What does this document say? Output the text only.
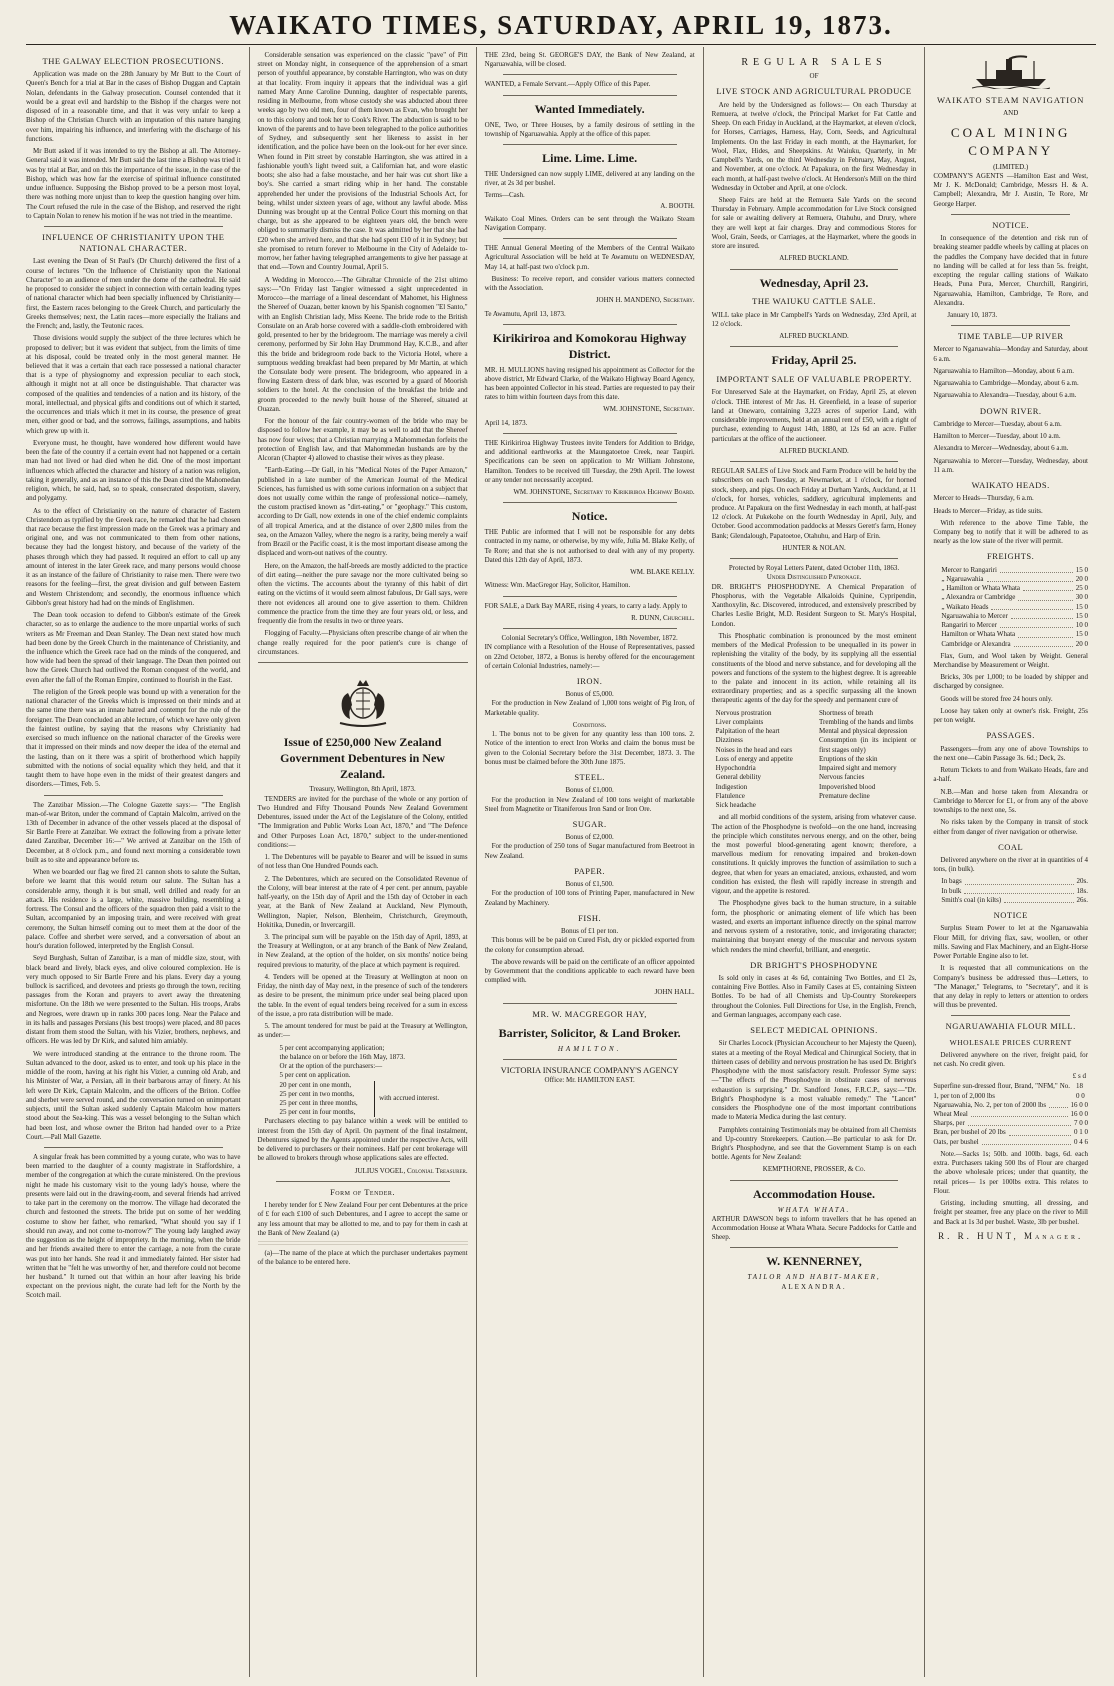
WAIKATO TIMES, SATURDAY, APRIL 19, 1873.
THE GALWAY ELECTION PROSECUTIONS.

Application was made on the 28th January by Mr Butt to the Court of Queen's Bench for a trial at Bar in the cases of Bishop Duggan and Captain Nolan, defendants in the Galway prosecution. Counsel contended that it would be a great evil and hardship to the Bishop if the charges were not disposed of in a reasonable time, and that it was very unfair to keep a Bishop of the Christian Church with an imputation of this nature hanging over him, impairing his influence, and interfering with the discharge of his functions.

Mr Butt asked if it was intended to try the Bishop at all. The Attorney-General said it was intended. Mr Butt said the last time a Bishop was tried it was by trial at Bar, and on this the importance of the issue, in the case of the Bishop, which was how far the exercise of spiritual influence constituted undue influence. Supposing the Bishop proved to be a person most loyal, there was nothing more unjust than to keep the question hanging over him. The Court refused the rule in the case of the Bishop, and reserved the right to Captain Nolan to renew his motion if he was not tried in the meantime.

INFLUENCE OF CHRISTIANITY UPON THE NATIONAL CHARACTER.

Last evening the Dean of St Paul's (Dr Church) delivered the first of a course of lectures "On the Influence of Christianity upon the National Character" to an audience of men under the dome of the cathedral. He said he proposed to consider the subject in connection with certain leading types of national character which had been specially influenced by Christianity—first, the Eastern races belonging to the Greek Church, and particularly the Greeks themselves; next, the Latin races—more especially the Italians and the French; and, lastly, the Teutonic races.

Those divisions would supply the subject of the three lectures which he proposed to deliver; but it was evident that subject, from the limits of time at his disposal, could be treated only in the most general manner. He believed that it was a certain that each race possessed a national character that is a type of physiognomy and expression peculiar to each stock, although it might not at all once be distinguishable. That character was composed of the qualities and tendencies of a nation and its history, of the moral, intellectual, and physical gifts and conditions out of which it started, the occurrences and trials which it met in its course, the presence of great men, either good or bad, and the sorrows, failings, assumptions, and habits which grew up with it.

Everyone must, he thought, have wondered how different would have been the fate of the country if a certain event had not happened or a certain man had not lived or had died when he did. One of the most important influences which affected the character and history of a nation was religion, taking it generally, and as an instance of this the Dean cited the Mahomedan religion, which, he said, had, so to speak, consecrated despotism, slavery, and polygamy.

As to the effect of Christianity on the nature of character of Eastern Christendom as typified by the Greek race, he remarked that he had chosen that race because the first impression made on the Greek was a primary and original one, and was not communicated to them from other nations, because they had the longest history, and because of the variety of the phases through which they had passed. It required an effort to call up any amount of interest in the later Greek race, and many persons would choose it as an instance of the failure of Christianity to raise men. There were two reasons for the feeling—first, the great division and gulf between Eastern and Western Christendom; and secondly, the enormous influence which Gibbon's great history had had on the minds of Englishmen.

The Dean took occasion to defend to Gibbon's estimate of the Greek character, so as to enlarge the audience to the more unpartial works of such writers as Mr Freeman and Dean Stanley. The Dean next stated how much had been done by the Greek Church in the maintenance of Christianity, and the influence which the Greek race had on the minds of the conquered, and how wide had been the spread of their language. The Dean then pointed out how the Greek Church had outlived the Roman conquest of the world, and even after the fall of the Roman Empire, continued to flourish in the East.

The religion of the Greek people was bound up with a veneration for the national character of the Greeks which is impressed on their minds and at the same time there was an innate hatred and contempt for the rule of the foreigner. The Dean concluded an able lecture, of which we have only given the faintest outline, by saying that the reasons why Christianity had exercised so much influence on the national character of the Greeks were that it impressed on their minds and now deeper the idea of the eternal and the lasting, than on it there was a spirit of brotherhood which happily submitted with the notions of social equality which they held, and that it taught them to have hope even in the midst of their greatest dangers and disorders.—Times, Feb. 5.

The Zanzibar Mission.—The Cologne Gazette says:— "The English man-of-war Briton, under the command of Captain Malcolm, arrived on the 13th of December in advance of the other vessels placed at the disposal of Sir Bartle Frere at Zanzibar. We extract the following from a private letter dated Zanzibar, December 16:—" We arrived at Zanzibar on the 15th of December, at 8 o'clock p.m., and found next morning a considerable town built as to site and appearance before us.

When we boarded our flag we fired 21 cannon shots to salute the Sultan, before we learnt that this would return our salute. The Sultan has a considerable army, though it is but small, well drilled and ready for an attack. His residence is a large, white, massive building, resembling a fortress. The Consul and the officers of the squadron then paid a visit to the Sultan, accompanied by an imposing train, and were received with great ceremony, the Sultan himself coming out to meet them at the door of the palace. Coffee and sherbet were served, and a conversation of about an hour's duration followed, interpreted by the English Consul.

Seyd Burghash, Sultan of Zanzibar, is a man of middle size, stout, with black beard and lively, black eyes, and olive coloured complexion. He is very much opposed to Sir Bartle Frere and his plans. Every day a young bullock is sacrificed, and devotees and priests go through the town, reciting passages from the Koran and prayers to avert away the threatening misfortune. On the 18th we were presented to the Sultan. His troops, Arabs and Negroes, were drawn up in ranks 300 paces long. Near the Palace and in its halls and passages Persians (his best troops) were placed, and 80 paces distant from them stood the Sultan, with his Vizier, brothers, nephews, and officers. He was led by Dr Kirk, and saluted him amiably.

We were introduced standing at the entrance to the throne room. The Sultan advanced to the door, asked us to enter, and took up his place in the middle of the room, having at his right his Vizier, a cunning old Arab, and his Minister of War, a Persian, all in their barbarous array of finery. At his left were Dr Kirk, Captain Malcolm, and the officers of the Briton. Coffee and sherbet were served round, and the conversation turned on unimportant subjects, until the Sultan asked suddenly Captain Malcolm how matters stood about the Sea-king. This was a vessel belonging to the Sultan which had been lost, and whose owner the Briton had handed over to a Prize Court.—Pall Mall Gazette.

A singular freak has been committed by a young curate, who was to have been married to the daughter of a county magistrate in Staffordshire, a member of the congregation at which the curate ministered. On the previous night he made his customary visit to the young lady's house, where the presents were laid out in the drawing-room, and several friends had arrived to take part in the ceremony on the morrow. The village had decorated the church and festooned the streets. The bride put on some of her wedding costume to show her father, who remarked, "What should you say if I should run away, and not come to-morrow?" The young lady laughed away the suggestion as the height of impropriety. In the morning, when the bride and her friends awaited there to enter the carriage, a note from the curate was put into her hands. She read it and immediately fainted. Her sister had written that he "felt he was unworthy of her, and therefore could not become her husband." It turned out that within an hour after leaving his bride expectant on the previous night, the curate had left for the North by the Scotch mail.

Considerable sensation was experienced on the classic "pave" of Pitt street on Monday night, in consequence of the apprehension of a smart person of youthful appearance, by constable Harrington, who was on duty at that locality. From inquiry it appears that the individual was a girl named Mary Anne Caroline Dunning, daughter of respectable parents, residing in Melbourne, from whose custody she was abducted about three weeks ago by two old men, four of them known as Evan, who brought her on to this colony and took her to Cook's River. The abduction is said to be known of the parents and to have been telegraphed to the police authorities of Sydney, and subsequently sent her likeness to assist in her identification, and the police have been on the look-out for her ever since. When found in Pitt street by constable Harrington, she was attired in a fashionable youth's light tweed suit, a Californian hat, and wore elastic boots; she also had a false moustache, and her hair was cut short like a boy's. She carried a smart riding whip in her hand. The constable apprehended her under the provisions of the Industrial Schools Act, for being, whilst under sixteen years of age, without any lawful abode. Miss Dunning was brought up at the Central Police Court this morning on that charge, but as she appeared to be eighteen years old, the bench were obliged to summarily dismiss the case. It was admitted by her that she had £20 when she arrived here, and that she had spent £10 of it in Sydney; but she promised to return forever to Melbourne in the City of Adelaide to-morrow, her father having telegraphed arrangements to give her passage at that end.—Town and Country Journal, April 5.

A Wedding in Morocco.—The Gibraltar Chronicle of the 21st ultimo says:—"On Friday last Tangier witnessed a sight unprecedented in Morocco—the marriage of a lineal descendant of Mahomet, his Highness the Shereef of Ouazan, better known by his Spanish cognomen "El Santo," with an English Christian lady, Miss Keene. The bride rode to the British Consulate on an Arab horse covered with a saddle-cloth embroidered with gold, presented to her by the bridegroom. The marriage was merely a civil ceremony, performed by Sir John Hay Drummond Hay, K.C.B., and after this the bride and bridegroom rode back to the Victoria Hotel, where a sumptuous wedding breakfast had been prepared by Mr Martin, at which the Consulate body were present. The bridegroom, who appeared in a flowing Eastern dress of dark blue, was escorted by a guard of Moorish soldiers to the hotel. At the conclusion of the breakfast the bride and groom proceeded to the newly built house of the Shereef, situated at Ouazan.

For the honour of the fair country-women of the bride who may be disposed to follow her example, it may be as well to add that the Shereef has now four wives; that a Christian marrying a Mahommedan forfeits the protection of English law, and that Mahommedan husbands are by the Alcoran (Chapter 4) allowed to chastise their wives as they please.

"Earth-Eating.—Dr Gall, in his "Medical Notes of the Paper Amazon," published in a late number of the American Journal of the Medical Sciences, has furnished us with some curious information on a subject that does not usually come within the range of professional notice—namely, the custom practised known as "dirt-eating," or "geophagy." This custom, according to Dr Gall, now extends in one of the chief endemic complaints of all tropical America, and at the distance of over 2,800 miles from the sea, on the Amazon Valley, where the negro is a rarity, being merely a waif from Brazil or the Pacific coast, it is the most important disease among the displaced and worn-out natives of the country.

Here, on the Amazon, the half-breeds are mostly addicted to the practice of dirt eating—neither the pure savage nor the more cultivated being so often the victims. The accounts about the tyranny of this habit of dirt eating on the victims of it would seem almost fabulous, Dr Gall says, were there not evidences all around one to give assertion to them. Children commence the practice from the time they are four years old, or less, and frequently die from the results in two or three years.

Flogging of Faculty.—Physicians often prescribe change of air when the change really required for the poor patient's cure is change of circumstances.

Issue of £250,000 New Zealand Government Debentures in New Zealand.
Treasury, Wellington, 8th April, 1873.

TENDERS are invited for the purchase of the whole or any portion of Two Hundred and Fifty Thousand Pounds New Zealand Government Debentures, issued under the Act of the Legislature of the Colony, entitled "The Immigration and Public Works Loan Act, 1870," and "The Defence and Other Purposes Loan Act, 1870," subject to the under-mentioned conditions:—

1. The Debentures will be payable to Bearer and will be issued in sums of not less than One Hundred Pounds each.

2. The Debentures, which are secured on the Consolidated Revenue of the Colony, will bear interest at the rate of 4 per cent. per annum, payable half-yearly, on the 15th day of April and the 15th day of October in each year, at the Bank of New Zealand at Auckland, New Plymouth, Wellington, Napier, Nelson, Blenheim, Christchurch, Greymouth, Hokitika, Dunedin, or Invercargill.

3. The principal sum will be payable on the 15th day of April, 1893, at the Treasury at Wellington, or at any branch of the Bank of New Zealand, in New Zealand, at the option of the holder, on six months' notice being required previous to maturity, of the place at which payment is required.

4. Tenders will be opened at the Treasury at Wellington at noon on Friday, the ninth day of May next, in the presence of such of the tenderers as desire to be present, the minimum price under seal being placed upon the table. In the event of equal tenders being received for a sum in excess of the issue, a pro rata distribution will be made.

5. The amount tendered for must be paid at the Treasury at Wellington, as under:—

5 per cent accompanying application;
the balance on or before the 16th May, 1873.
Or at the option of the purchasers:—
5 per cent on application.
20 per cent in one month,
25 per cent in two months,
25 per cent in three months,
25 per cent in four months,
with accrued interest.

Purchasers electing to pay balance within a week will be entitled to interest from the 15th day of April. On payment of the final instalment, Debentures signed by the Agents appointed under the respective Acts, will be delivered to purchasers or their nominees. Half per cent brokerage will be allowed to brokers through whose applications sales are effected.

JULIUS VOGEL, Colonial Treasurer.
Form of Tender.

I hereby tender for £ New Zealand Four per cent Debentures at the price of £ for each £100 of such Debentures, and I agree to accept the same or any less amount that may be allotted to me, and to pay for them in cash at the Bank of New Zealand (a)

(a)—The name of the place at which the purchaser undertakes payment of the balance to be entered here.

THE 23rd, being St. GEORGE'S DAY, the Bank of New Zealand, at Ngaruawahia, will be closed.

WANTED, a Female Servant.—Apply Office of this Paper.

Wanted Immediately.

ONE, Two, or Three Houses, by a family desirous of settling in the township of Ngaruawahia. Apply at the office of this paper.

Lime. Lime. Lime.

THE Undersigned can now supply LIME, delivered at any landing on the river, at 2s 3d per bushel.

Terms—Cash.
A. BOOTH.

Waikato Coal Mines. Orders can be sent through the Waikato Steam Navigation Company.

THE Annual General Meeting of the Members of the Central Waikato Agricultural Association will be held at Te Awamutu on WEDNESDAY, May 14, at half-past two o'clock p.m.

Business: To receive report, and consider various matters connected with the Association.

JOHN H. MANDENO, Secretary.
Te Awamutu, April 13, 1873.
Kirikiriroa and Komokorau Highway District.

MR. H. MULLIONS having resigned his appointment as Collector for the above district, Mr Edward Clarke, of the Waikato Highway Board Agency, has been appointed Collector in his stead. Parties are requested to pay their rates to him within fourteen days from this date.

WM. JOHNSTONE, Secretary.
April 14, 1873.

THE Kirikiriroa Highway Trustees invite Tenders for Addition to Bridge, and additional earthworks at the Maungatoetoe Creek, near Taupiri. Specifications can be seen on application to Mr William Johnstone, Hamilton. Tenders to be received till Tuesday, the 29th April. The lowest or any tender not necessarily accepted.

WM. JOHNSTONE, Secretary to Kirikiriroa Highway Board.
Notice.

THE Public are informed that I will not be responsible for any debts contracted in my name, or otherwise, by my wife, Julia M. Blake Kelly, of Te Rore; and that she is not authorised to deal with any of my property. Dated this 12th day of April, 1873.

WM. BLAKE KELLY.
Witness: Wm. MacGregor Hay, Solicitor, Hamilton.

FOR SALE, a Dark Bay MARE, rising 4 years, to carry a lady. Apply to

R. DUNN, Churchill.
Colonial Secretary's Office, Wellington, 18th November, 1872.

IN compliance with a Resolution of the House of Representatives, passed on 22nd October, 1872, a Bonus is hereby offered for the encouragement of certain Colonial Industries, namely:—

IRON.
Bonus of £5,000.

For the production in New Zealand of 1,000 tons weight of Pig Iron, of Marketable quality.

Conditions.

1. The bonus not to be given for any quantity less than 100 tons. 2. Notice of the intention to erect Iron Works and claim the bonus must be given to the Colonial Secretary before the 31st December, 1873. 3. The bonus must be claimed before the 30th June 1875.

STEEL.
Bonus of £1,000.

For the production in New Zealand of 100 tons weight of marketable Steel from Magnetite or Titaniferous Iron Sand or Iron Ore.

SUGAR.
Bonus of £2,000.

For the production of 250 tons of Sugar manufactured from Beetroot in New Zealand.

PAPER.
Bonus of £1,500.

For the production of 100 tons of Printing Paper, manufactured in New Zealand by Machinery.

FISH.
Bonus of £1 per ton.

This bonus will be be paid on Cured Fish, dry or pickled exported from the colony for consumption abroad.

The above rewards will be paid on the certificate of an officer appointed by Government that the conditions applicable to each reward have been complied with.

JOHN HALL.
MR. W. MACGREGOR HAY,
Barrister, Solicitor, & Land Broker.
HAMILTON.
VICTORIA INSURANCE COMPANY'S AGENCY
Office: Mr. HAMILTON EAST.
REGULAR SALES
OF
LIVE STOCK AND AGRICULTURAL PRODUCE

Are held by the Undersigned as follows:— On each Thursday at Remuera, at twelve o'clock, the Principal Market for Fat Cattle and Sheep. On each Friday in Auckland, at the Haymarket, at eleven o'clock, for Horses, Carriages, Harness, Hay, Corn, Seeds, and Agricultural Implements. On the last Friday in each month, at the Haymarket, for Wool, Flax, Hides, and Sheepskins. At Waiuku, Quarterly, in Mr Campbell's Yards, on the third Wednesday in February, May, August, and November, at one o'clock. At Papakura, on the first Wednesday in each month, at half-past twelve o'clock. At Henderson's Mill on the third Wednesday in October and April, at one o'clock.

Sheep Fairs are held at the Remuera Sale Yards on the second Thursday in February. Ample accommodation for Live Stock consigned for sale or awaiting delivery at Remuera, Otahuhu, and Drury, where they are well kept at fair charges. Dray and commodious Stores for Wool, Grain, Seeds, or Carriages, at the Haymarket, where the goods in store are insured.

ALFRED BUCKLAND.
Wednesday, April 23.
THE WAIUKU CATTLE SALE.

WILL take place in Mr Campbell's Yards on Wednesday, 23rd April, at 12 o'clock.

ALFRED BUCKLAND.
Friday, April 25.
IMPORTANT SALE OF VALUABLE PROPERTY.

For Unreserved Sale at the Haymarket, on Friday, April 25, at eleven o'clock. THE interest of Mr Jas. H. Greenfield, in a lease of superior land at Onewaro, containing 3,223 acres of superior Land, with considerable improvements, held at an annual rent of £50, with a right of purchase, extending to August 14th, 1880, at 12s 6d an acre. Fuller particulars at the office of the auctioneer.

ALFRED BUCKLAND.

REGULAR SALES of Live Stock and Farm Produce will be held by the subscribers on each Tuesday, at Newmarket, at 1 o'clock, for horned stock, sheep, and pigs. On each Friday at Durham Yards, Auckland, at 11 o'clock, for horses, vehicles, saddlery, agricultural implements and produce. At Papakura on the first Wednesday in each month, at half-past 12 o'clock. At Pukekohe on the fourth Wednesday in April, July, and October. Good accommodation paddocks at Messrs Gerett's farm, Honey Bank; Glendalough, Papatoetoe, Otahuhu, and Harp of Erin.

HUNTER & NOLAN.
Protected by Royal Letters Patent, dated October 11th, 1863.
Under Distinguished Patronage.

DR. BRIGHT'S PHOSPHODYNE. A Chemical Preparation of Phosphorus, with the Vegetable Alkaloids Quinine, Cypripendin, Xanthoxylin, &c. Discovered, introduced, and extensively prescribed by Charles Leslie Bright, M.D. Resident Surgeon to St. Mary's Hospital, London.

This Phosphatic combination is pronounced by the most eminent members of the Medical Profession to be unequalled in its power in replenishing the vitality of the body, by its supplying all the essential constituents of the blood and nerve substance, and for developing all the powers and functions of the system to the highest degree. It is agreeable to the palate and innocent in its action, while retaining all its extraordinary properties; and as a specific surpassing all the known therapeutic agents of the day for the speedy and permanent cure of

Nervous prostration
Liver complaints
Palpitation of the heart
Dizziness
Noises in the head and ears
Loss of energy and appetite
Hypochondria
General debility
Indigestion
Flatulence
Sick headache
Shortness of breath
Trembling of the hands and limbs
Mental and physical depression
Consumption (in its incipient or first stages only)
Eruptions of the skin
Impaired sight and memory
Nervous fancies
Impoverished blood
Premature decline

and all morbid conditions of the system, arising from whatever cause. The action of the Phosphodyne is twofold—on the one hand, increasing the principle which constitutes nervous energy, and on the other, being the most powerful blood-generating agent known; therefore, a marvellous medium for renovating impaired and broken-down constitutions. It quickly improves the function of assimilation to such a degree, that when for years an emaciated, anxious, exhausted, and worn condition has existed, the flesh will rapidly increase in strength and vigour, and the appetite is restored.

The Phosphodyne gives back to the human structure, in a suitable form, the phosphoric or animating element of life which has been wasted, and exerts an important influence directly on the spinal marrow and nervous system of a restorative, tonic, and invigorating character; maintaining that buoyant energy of the muscular and nervous system which renders the mind cheerful, brilliant, and energetic.

DR BRIGHT'S PHOSPHODYNE

Is sold only in cases at 4s 6d, containing Two Bottles, and £1 2s, containing Five Bottles. Also in Family Cases at £5, containing Sixteen Bottles. To be had of all Chemists and Up-Country Storekeepers throughout the Colonies. Full Directions for Use, in the English, French, and German languages, accompany each case.

SELECT MEDICAL OPINIONS.

Sir Charles Locock (Physician Accoucheur to her Majesty the Queen), states at a meeting of the Royal Medical and Chirurgical Society, that in thirteen cases of debility and nervous prostration he has used Dr. Bright's Phosphodyne with the most satisfactory result. Professor Syme says:—"The effects of the Phosphodyne in obstinate cases of nervous exhaustion is surprising." Dr. Sandford Jones, F.R.C.P., says:—"Dr. Bright's Phosphodyne is a most valuable remedy." The "Lancet" considers the Phosphodyne one of the most important contributions made to Materia Medica during the last century.

Pamphlets containing Testimonials may be obtained from all Chemists and Up-country Storekeepers. Caution.—Be particular to ask for Dr. Bright's Phosphodyne, and see that the Government Stamp is on each bottle. Agents for New Zealand:

KEMPTHORNE, PROSSER, & Co.
Accommodation House.
WHATA WHATA.

ARTHUR DAWSON begs to inform travellers that he has opened an Accommodation House at Whata Whata. Secure Paddocks for Cattle and Sheep.

W. KENNERNEY,
TAILOR AND HABIT-MAKER,
ALEXANDRA.
WAIKATO STEAM NAVIGATION
AND
COAL MINING COMPANY
(LIMITED.)

COMPANY'S AGENTS —Hamilton East and West, Mr J. K. McDonald; Cambridge, Messrs H. & A. Campbell; Alexandra, Mr J. Austin, Te Rore, Mr George Harper.

NOTICE.

In consequence of the detention and risk run of breaking steamer paddle wheels by calling at places on the paddles the Company have decided that in future no landing will be called at for less than 5s. freight, excepting the regular calling stations of Waikato Heads, Puna Pura, Mercer, Churchill, Rangiriri, Ngaruawahia, Hamilton, Cambridge, Te Rore, and Alexandra.

January 10, 1873.
TIME TABLE—UP RIVER

Mercer to Ngaruawahia—Monday and Saturday, about 6 a.m.

Ngaruawahia to Hamilton—Monday, about 6 a.m.

Ngaruawahia to Cambridge—Monday, about 6 a.m.

Ngaruawahia to Alexandra—Tuesday, about 6 a.m.

DOWN RIVER.

Cambridge to Mercer—Tuesday, about 6 a.m.

Hamilton to Mercer—Tuesday, about 10 a.m.

Alexandra to Mercer—Wednesday, about 6 a.m.

Ngaruawahia to Mercer—Tuesday, Wednesday, about 11 a.m.

WAIKATO HEADS.

Mercer to Heads—Thursday, 6 a.m.

Heads to Mercer—Friday, as tide suits.

With reference to the above Time Table, the Company beg to notify that it will be adhered to as nearly as the low state of the river will permit.

FREIGHTS.
Mercer to Rangariri	15 0
„ Ngaruawahia	20 0
„ Hamilton or Whata Whata	25 0
„ Alexandra or Cambridge	30 0
„ Waikato Heads	15 0
Ngaruawahia to Mercer	15 0
Rangariri to Mercer	10 0
Hamilton or Whata Whata	15 0
Cambridge or Alexandra	20 0

Flax, Gum, and Wool taken by Weight. General Merchandise by Measurement or Weight.

Bricks, 30s per 1,000; to be loaded by shipper and discharged by consignee.

Goods will be stored free 24 hours only.

Loose hay taken only at owner's risk. Freight, 25s per ton weight.

PASSAGES.

Passengers—from any one of above Townships to the next one—Cabin Passage 3s. 6d.; Deck, 2s.

Return Tickets to and from Waikato Heads, fare and a-half.

N.B.—Man and horse taken from Alexandra or Cambridge to Mercer for £1, or from any of the above townships to the next one, 5s.

No risks taken by the Company in transit of stock either from danger of river navigation or otherwise.

COAL

Delivered anywhere on the river at in quantities of 4 tons, (in bulk).

In bags	20s.
In bulk	18s.
Smith's coal (in kilts)	26s.
NOTICE

Surplus Steam Power to let at the Ngaruawahia Flour Mill, for driving flax, saw, woollen, or other mills. Sawing and Flax Machinery, and an Eight-Horse Power Portable Engine also to let.

It is requested that all communications on the Company's business be addressed thus—Letters, to "The Manager," Telegrams, to "Secretary", and it is that any delay in reply to letters or attention to orders will thus be prevented.

NGARUAWAHIA FLOUR MILL.
WHOLESALE PRICES CURRENT

Delivered anywhere on the river, freight paid, for net cash. No credit given.

£ s d
Superfine sun-dressed flour, Brand, "NFM," No. 1, per ton of 2,000 lbs
18 0 0
Ngaruawahia, No. 2, per ton of 2000 lbs	16 0 0
Wheat Meal	16 0 0
Sharps, per	7 0 0
Bran, per bushel of 20 lbs	0 1 0
Oats, per bushel	0 4 6

Note.—Sacks 1s; 50lb. and 100lb. bags, 6d. each extra. Purchasers taking 500 lbs of Flour are charged the above wholesale prices; under that quantity, the retail prices— 1s per 100lbs extra. This relates to Flour.

Gristing, including smutting, all dressing, and freight per steamer, free any place on the river to Mill and Back at 1s 3d per bushel. Waste, 3lb per bushel.

R. R. HUNT, Manager.
